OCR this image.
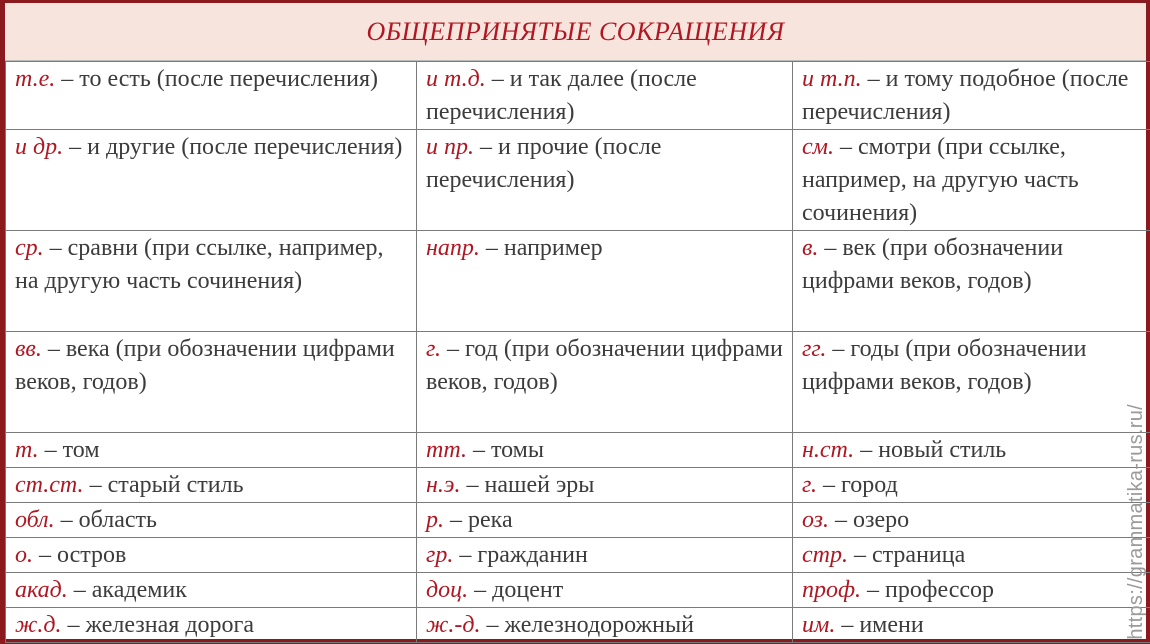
ОБЩЕПРИНЯТЫЕ СОКРАЩЕНИЯ
т.е. – то есть (после перечисления)	и т.д. – и так далее (после перечисления)	и т.п. – и тому подобное (после перечисления)
и др. – и другие (после перечисления)	и пр. – и прочие (после перечисления)	см. – смотри (при ссылке, например, на другую часть сочинения)
ср. – сравни (при ссылке, например, на другую часть сочинения)	напр. – например	в. – век (при обозначении цифрами веков, годов)
вв. – века (при обозначении цифрами веков, годов)	г. – год (при обозначении цифрами веков, годов)	гг. – годы (при обозначении цифрами веков, годов)
т. – том	тт. – томы	н.ст. – новый стиль
ст.ст. – старый стиль	н.э. – нашей эры	г. – город
обл. – область	р. – река	оз. – озеро
о. – остров	гр. – гражданин	стр. – страница
акад. – академик	доц. – доцент	проф. – профессор
ж.д. – железная дорога	ж.-д. – железнодорожный	им. – имени	https://grammatika-rus.ru/
